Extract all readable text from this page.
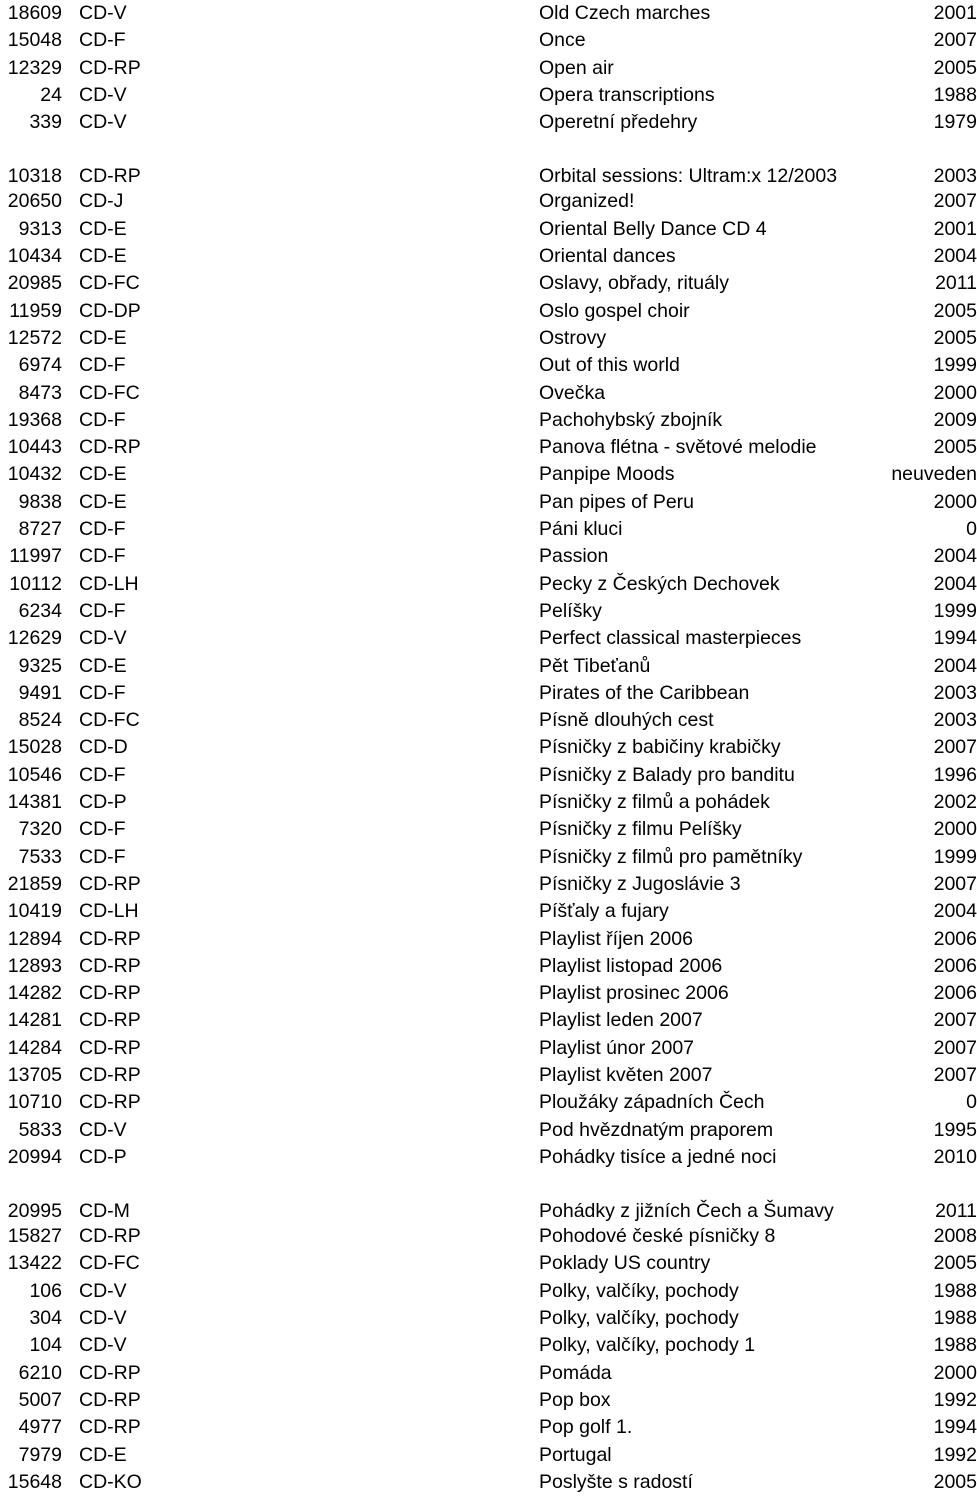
18609	CD-V	Old Czech marches	2001
15048	CD-F	Once	2007
12329	CD-RP	Open air	2005
24	CD-V	Opera transcriptions	1988
339	CD-V	Operetní předehry	1979
10318	CD-RP	Orbital sessions: Ultram:x 12/2003	2003
20650	CD-J	Organized!	2007
9313	CD-E	Oriental Belly Dance CD 4	2001
10434	CD-E	Oriental dances	2004
20985	CD-FC	Oslavy, obřady, rituály	2011
11959	CD-DP	Oslo gospel choir	2005
12572	CD-E	Ostrovy	2005
6974	CD-F	Out of this world	1999
8473	CD-FC	Ovečka	2000
19368	CD-F	Pachohybský zbojník	2009
10443	CD-RP	Panova flétna - světové melodie	2005
10432	CD-E	Panpipe Moods	neuveden
9838	CD-E	Pan pipes of Peru	2000
8727	CD-F	Páni kluci	0
11997	CD-F	Passion	2004
10112	CD-LH	Pecky z Českých Dechovek	2004
6234	CD-F	Pelíšky	1999
12629	CD-V	Perfect classical masterpieces	1994
9325	CD-E	Pět Tibeťanů	2004
9491	CD-F	Pirates of the Caribbean	2003
8524	CD-FC	Písně dlouhých cest	2003
15028	CD-D	Písničky z babičiny krabičky	2007
10546	CD-F	Písničky z Balady pro banditu	1996
14381	CD-P	Písničky z filmů a pohádek	2002
7320	CD-F	Písničky z filmu Pelíšky	2000
7533	CD-F	Písničky z filmů pro pamětníky	1999
21859	CD-RP	Písničky z Jugoslávie 3	2007
10419	CD-LH	Píšťaly a fujary	2004
12894	CD-RP	Playlist říjen 2006	2006
12893	CD-RP	Playlist listopad 2006	2006
14282	CD-RP	Playlist prosinec 2006	2006
14281	CD-RP	Playlist leden 2007	2007
14284	CD-RP	Playlist únor 2007	2007
13705	CD-RP	Playlist květen 2007	2007
10710	CD-RP	Ploužáky západních Čech	0
5833	CD-V	Pod hvězdnatým praporem	1995
20994	CD-P	Pohádky tisíce a jedné noci	2010
20995	CD-M	Pohádky z jižních Čech a Šumavy	2011
15827	CD-RP	Pohodové české písničky 8	2008
13422	CD-FC	Poklady US country	2005
106	CD-V	Polky, valčíky, pochody	1988
304	CD-V	Polky, valčíky, pochody	1988
104	CD-V	Polky, valčíky, pochody 1	1988
6210	CD-RP	Pomáda	2000
5007	CD-RP	Pop box	1992
4977	CD-RP	Pop golf 1.	1994
7979	CD-E	Portugal	1992
15648	CD-KO	Poslyšte s radostí	2005
